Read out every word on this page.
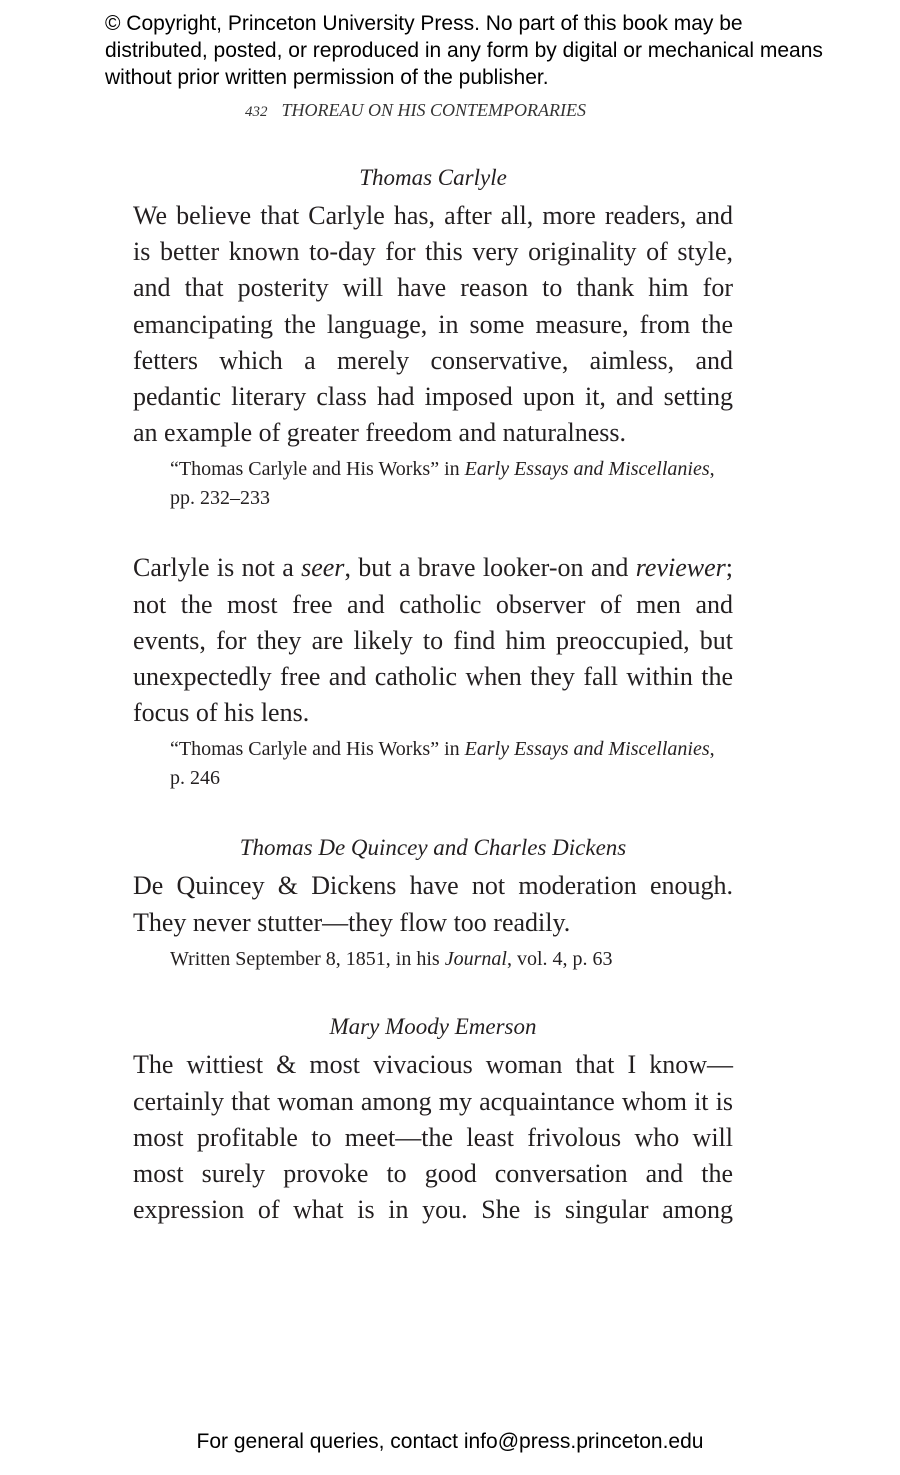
© Copyright, Princeton University Press. No part of this book may be distributed, posted, or reproduced in any form by digital or mechanical means without prior written permission of the publisher.
432 THOREAU ON HIS CONTEMPORARIES
Thomas Carlyle

We believe that Carlyle has, after all, more readers, and is better known to-day for this very originality of style, and that posterity will have reason to thank him for emancipating the language, in some measure, from the fetters which a merely conservative, aimless, and pedantic literary class had imposed upon it, and setting an example of greater freedom and naturalness.

“Thomas Carlyle and His Works” in Early Essays and Miscellanies, pp. 232–233

Carlyle is not a seer, but a brave looker-on and reviewer; not the most free and catholic observer of men and events, for they are likely to find him preoccupied, but unexpectedly free and catholic when they fall within the focus of his lens.

“Thomas Carlyle and His Works” in Early Essays and Miscellanies, p. 246
Thomas De Quincey and Charles Dickens

De Quincey & Dickens have not moderation enough. They never stutter—they flow too readily.

Written September 8, 1851, in his Journal, vol. 4, p. 63
Mary Moody Emerson

The wittiest & most vivacious woman that I know—certainly that woman among my acquaintance whom it is most profitable to meet—the least frivolous who will most surely provoke to good conversation and the expression of what is in you. She is singular among

For general queries, contact info@press.princeton.edu
